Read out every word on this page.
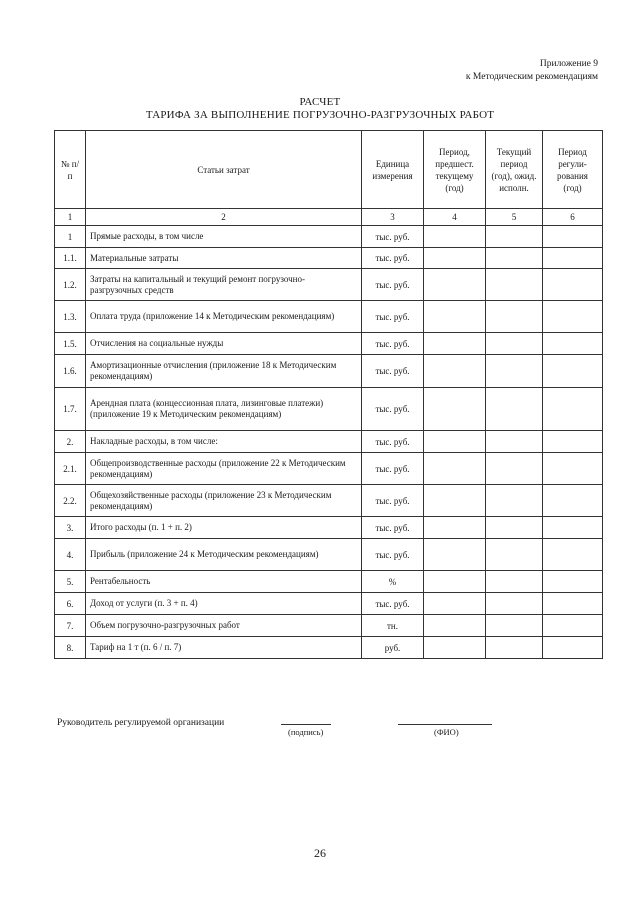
Приложение 9
к Методическим рекомендациям
РАСЧЕТ
ТАРИФА ЗА ВЫПОЛНЕНИЕ ПОГРУЗОЧНО-РАЗГРУЗОЧНЫХ РАБОТ
№ п/п	Статьи затрат	Единица измерения	Период, предшест. текущему (год)	Текущий период (год), ожид. исполн.	Период регули-рования (год)
1	2	3	4	5	6
1	Прямые расходы, в том числе	тыс. руб.			
1.1.	Материальные затраты	тыс. руб.			
1.2.	Затраты на капитальный и текущий ремонт погрузочно-разгрузочных средств	тыс. руб.			
1.3.	Оплата труда (приложение 14 к Методическим рекомендациям)	тыс. руб.			
1.5.	Отчисления на социальные нужды	тыс. руб.			
1.6.	Амортизационные отчисления (приложение 18 к Методическим рекомендациям)	тыс. руб.			
1.7.	Арендная плата (концессионная плата, лизинговые платежи) (приложение 19 к Методическим рекомендациям)	тыс. руб.			
2.	Накладные расходы, в том числе:	тыс. руб.			
2.1.	Общепроизводственные расходы (приложение 22 к Методическим рекомендациям)	тыс. руб.			
2.2.	Общехозяйственные расходы (приложение 23 к Методическим рекомендациям)	тыс. руб.			
3.	Итого расходы (п. 1 + п. 2)	тыс. руб.			
4.	Прибыль (приложение 24 к Методическим рекомендациям)	тыс. руб.			
5.	Рентабельность	%			
6.	Доход от услуги (п. 3 + п. 4)	тыс. руб.			
7.	Объем погрузочно-разгрузочных работ	тн.			
8.	Тариф на 1 т (п. 6 / п. 7)	руб.			
Руководитель регулируемой организации
(подпись)	(ФИО)
26
